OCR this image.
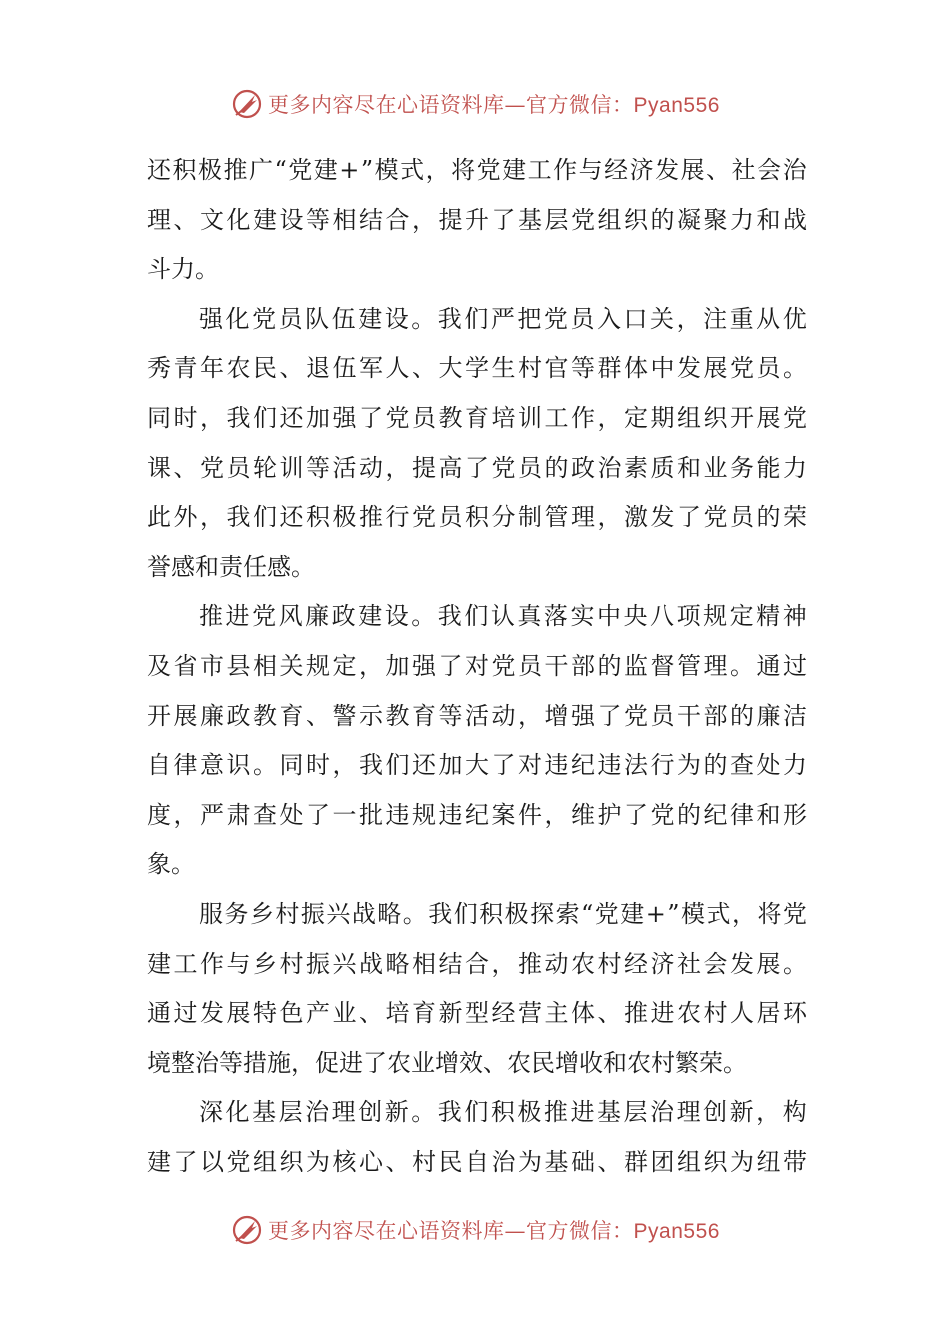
更多内容尽在心语资料库—官方微信：Pyan556
还 积 极 推 广 “ 党 建 + ” 模 式 ， 将 党 建 工 作 与 经 济 发 展 、 社 会 治
理 、 文 化 建 设 等 相 结 合 ， 提 升 了 基 层 党 组 织 的 凝 聚 力 和 战
斗力。
强 化 党 员 队 伍 建 设 。 我 们 严 把 党 员 入 口 关 ， 注 重 从 优
秀 青 年 农 民 、 退 伍 军 人 、 大 学 生 村 官 等 群 体 中 发 展 党 员 。
同 时 ， 我 们 还 加 强 了 党 员 教 育 培 训 工 作 ， 定 期 组 织 开 展 党
课 、 党 员 轮 训 等 活 动 ， 提 高 了 党 员 的 政 治 素 质 和 业 务 能 力
此 外 ， 我 们 还 积 极 推 行 党 员 积 分 制 管 理 ， 激 发 了 党 员 的 荣
誉感和责任感。
推 进 党 风 廉 政 建 设 。 我 们 认 真 落 实 中 央 八 项 规 定 精 神
及 省 市 县 相 关 规 定 ， 加 强 了 对 党 员 干 部 的 监 督 管 理 。 通 过
开 展 廉 政 教 育 、 警 示 教 育 等 活 动 ， 增 强 了 党 员 干 部 的 廉 洁
自 律 意 识 。 同 时 ， 我 们 还 加 大 了 对 违 纪 违 法 行 为 的 查 处 力
度 ， 严 肃 查 处 了 一 批 违 规 违 纪 案 件 ， 维 护 了 党 的 纪 律 和 形
象。
服 务 乡 村 振 兴 战 略 。 我 们 积 极 探 索 “ 党 建 + ” 模 式 ， 将 党
建 工 作 与 乡 村 振 兴 战 略 相 结 合 ， 推 动 农 村 经 济 社 会 发 展 。
通 过 发 展 特 色 产 业 、 培 育 新 型 经 营 主 体 、 推 进 农 村 人 居 环
境整治等措施，促进了农业增效、农民增收和农村繁荣。
深 化 基 层 治 理 创 新 。 我 们 积 极 推 进 基 层 治 理 创 新 ， 构
建 了 以 党 组 织 为 核 心 、 村 民 自 治 为 基 础 、 群 团 组 织 为 纽 带
更多内容尽在心语资料库—官方微信：Pyan556
